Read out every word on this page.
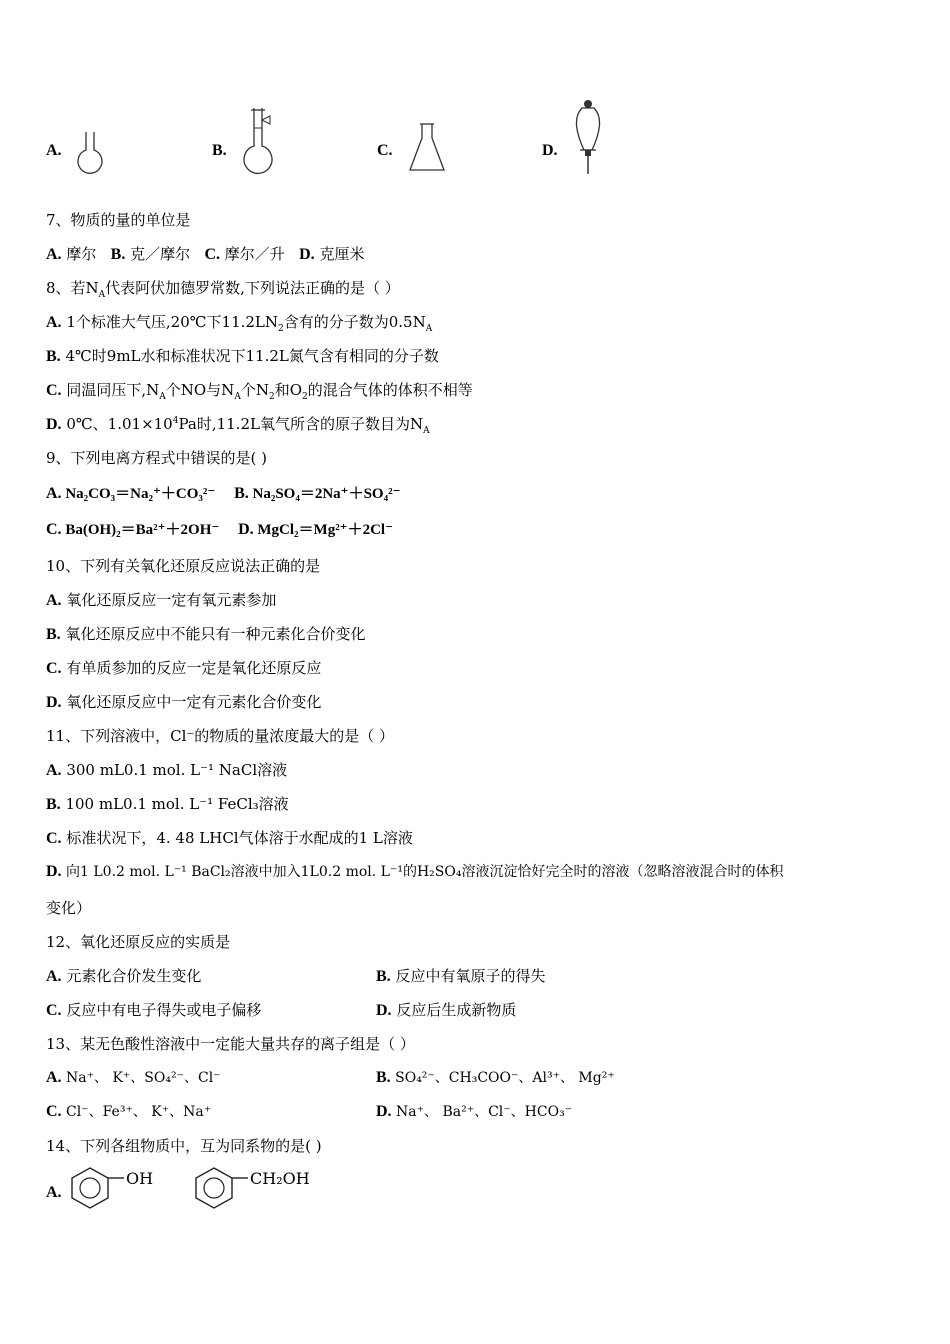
A.	B.	C.	D.
7、物质的量的单位是
A. 摩尔 B. 克／摩尔 C. 摩尔／升 D. 克厘米
8、若$N_A$代表阿伏加德罗常数,下列说法正确的是（ ）
A. 1个标准大气压,20℃下$11.2LN_2$含有的分子数为$0.5N_A$
B. 4℃时9mL水和标准状况下11.2L氮气含有相同的分子数
C. 同温同压下$,N_A$个NO与$N_A$个$N_2$和$O_2$的混合气体的体积不相等
D. 0℃、$1.01\times 10^4Pa$时,11.2L氧气所含的原子数目为$N_A$
9、下列电离方程式中错误的是( )
A. Na₂CO₃＝Na₂⁺＋CO₃²⁻ B. Na₂SO₄＝2Na⁺＋SO₄²⁻
C. Ba(OH)₂＝Ba²⁺＋2OH⁻ D. MgCl₂＝Mg²⁺＋2Cl⁻
10、下列有关氧化还原反应说法正确的是
A. 氧化还原反应一定有氧元素参加
B. 氧化还原反应中不能只有一种元素化合价变化
C. 有单质参加的反应一定是氧化还原反应
D. 氧化还原反应中一定有元素化合价变化
11、下列溶液中，Cl⁻的物质的量浓度最大的是（ ）
A. 300 mL0.1 mol. L⁻¹ NaCl溶液
B. 100 mL0.1 mol. L⁻¹ FeCl₃溶液
C. 标准状况下，4. 48 LHCl气体溶于水配成的1 L溶液
D. 向1 L0.2 mol. L⁻¹ BaCl₂溶液中加入1L0.2 mol. L⁻¹的H₂SO₄溶液沉淀恰好完全时的溶液（忽略溶液混合时的体积
变化）
12、氧化还原反应的实质是
A. 元素化合价发生变化	B. 反应中有氧原子的得失
C. 反应中有电子得失或电子偏移	D. 反应后生成新物质
13、某无色酸性溶液中一定能大量共存的离子组是（ ）
A. Na⁺、 K⁺、SO₄²⁻、Cl⁻	B. SO₄²⁻、CH₃COO⁻、Al³⁺、 Mg²⁺
C. Cl⁻、Fe³⁺、 K⁺、Na⁺	D. Na⁺、 Ba²⁺、Cl⁻、HCO₃⁻
14、下列各组物质中，互为同系物的是( )
A.
OH	CH₂OH
